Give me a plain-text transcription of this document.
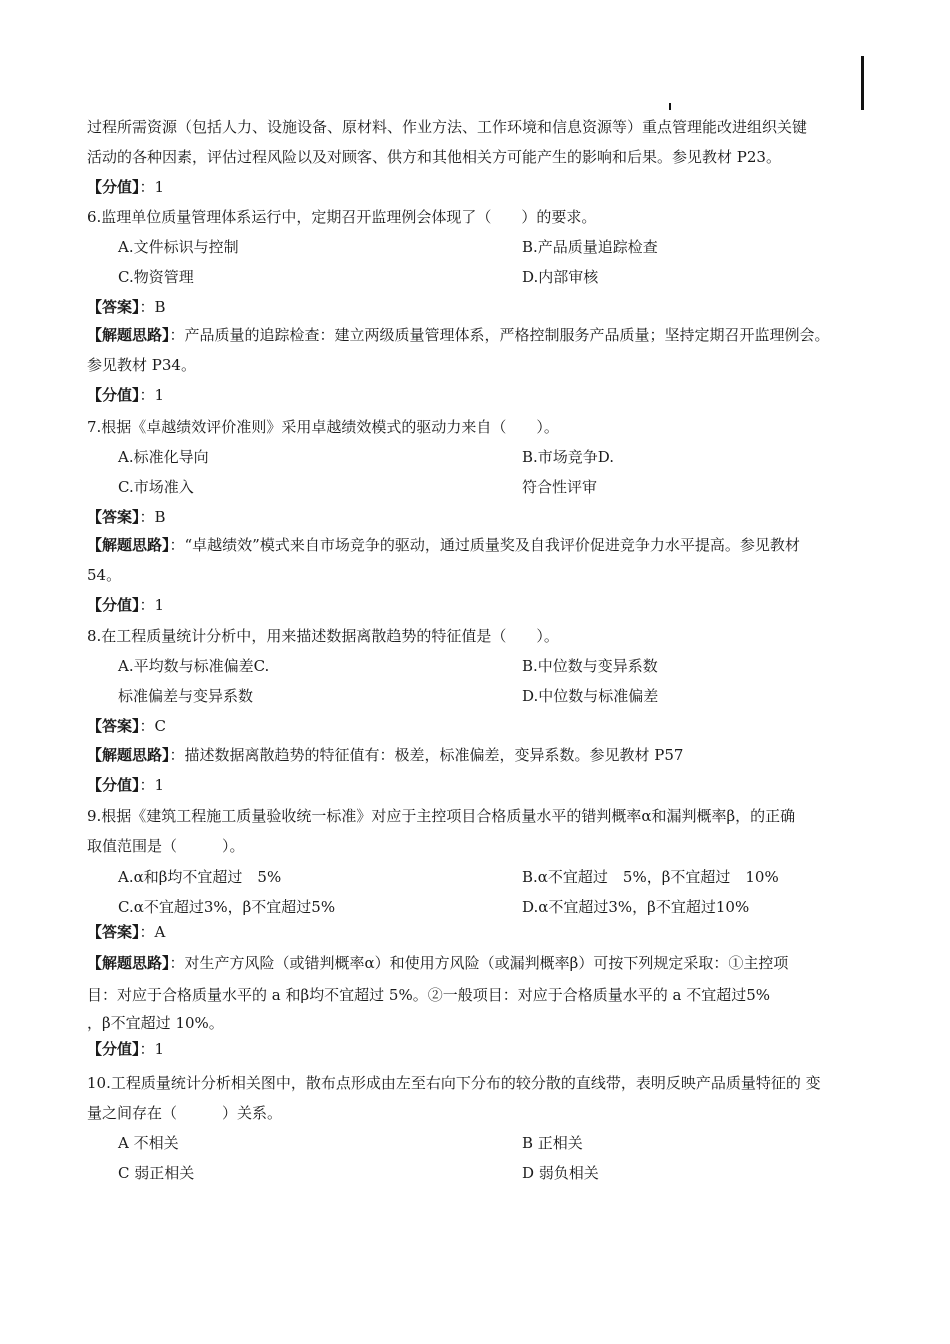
过程所需资源（包括人力、设施设备、原材料、作业方法、工作环境和信息资源等）重点管理能改进组织关键
活动的各种因素，评估过程风险以及对顾客、供方和其他相关方可能产生的影响和后果。参见教材 P23。
【分值】：1
6.监理单位质量管理体系运行中，定期召开监理例会体现了（　　）的要求。
A.文件标识与控制	B.产品质量追踪检查
C.物资管理	D.内部审核
【答案】：B
【解题思路】：产品质量的追踪检查：建立两级质量管理体系，严格控制服务产品质量；坚持定期召开监理例会。
参见教材 P34。
【分值】：1
7.根据《卓越绩效评价准则》采用卓越绩效模式的驱动力来自（　　）。
A.标准化导向	B.市场竞争D.
C.市场准入	符合性评审
【答案】：B
【解题思路】：“卓越绩效”模式来自市场竞争的驱动，通过质量奖及自我评价促进竞争力水平提高。参见教材
54。
【分值】：1
8.在工程质量统计分析中，用来描述数据离散趋势的特征值是（　　）。
A.平均数与标准偏差C.	B.中位数与变异系数
标准偏差与变异系数	D.中位数与标准偏差
【答案】：C
【解题思路】：描述数据离散趋势的特征值有：极差，标准偏差，变异系数。参见教材 P57
【分值】：1
9.根据《建筑工程施工质量验收统一标准》对应于主控项目合格质量水平的错判概率α和漏判概率β，的正确
取值范围是（　　　）。
A.α和β均不宜超过　5%	B.α不宜超过　5%，β不宜超过　10%
C.α不宜超过3%，β不宜超过5%	D.α不宜超过3%，β不宜超过10%
【答案】：A
【解题思路】：对生产方风险（或错判概率α）和使用方风险（或漏判概率β）可按下列规定采取：①主控项
目：对应于合格质量水平的 a 和β均不宜超过 5%。②一般项目：对应于合格质量水平的 a 不宜超过5%
，β不宜超过 10%。
【分值】：1
10.工程质量统计分析相关图中，散布点形成由左至右向下分布的较分散的直线带，表明反映产品质量特征的 变
量之间存在（　　　）关系。
A 不相关	B 正相关
C 弱正相关	D 弱负相关
